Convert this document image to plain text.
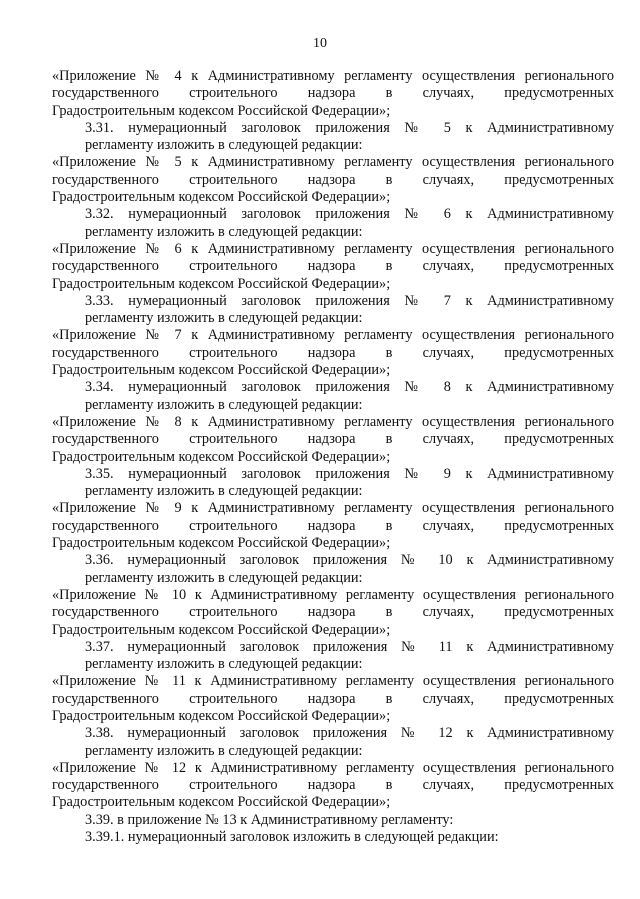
10

«Приложение № 4 к Административному регламенту осуществления регионального
государственного строительного надзора в случаях, предусмотренных
Градостроительным кодексом Российской Федерации»;

3.31. нумерационный заголовок приложения № 5 к Административному
регламенту изложить в следующей редакции:

«Приложение № 5 к Административному регламенту осуществления регионального
государственного строительного надзора в случаях, предусмотренных
Градостроительным кодексом Российской Федерации»;

3.32. нумерационный заголовок приложения № 6 к Административному
регламенту изложить в следующей редакции:

«Приложение № 6 к Административному регламенту осуществления регионального
государственного строительного надзора в случаях, предусмотренных
Градостроительным кодексом Российской Федерации»;

3.33. нумерационный заголовок приложения № 7 к Административному
регламенту изложить в следующей редакции:

«Приложение № 7 к Административному регламенту осуществления регионального
государственного строительного надзора в случаях, предусмотренных
Градостроительным кодексом Российской Федерации»;

3.34. нумерационный заголовок приложения № 8 к Административному
регламенту изложить в следующей редакции:

«Приложение № 8 к Административному регламенту осуществления регионального
государственного строительного надзора в случаях, предусмотренных
Градостроительным кодексом Российской Федерации»;

3.35. нумерационный заголовок приложения № 9 к Административному
регламенту изложить в следующей редакции:

«Приложение № 9 к Административному регламенту осуществления регионального
государственного строительного надзора в случаях, предусмотренных
Градостроительным кодексом Российской Федерации»;

3.36. нумерационный заголовок приложения № 10 к Административному
регламенту изложить в следующей редакции:

«Приложение № 10 к Административному регламенту осуществления регионального
государственного строительного надзора в случаях, предусмотренных
Градостроительным кодексом Российской Федерации»;

3.37. нумерационный заголовок приложения № 11 к Административному
регламенту изложить в следующей редакции:

«Приложение № 11 к Административному регламенту осуществления регионального
государственного строительного надзора в случаях, предусмотренных
Градостроительным кодексом Российской Федерации»;

3.38. нумерационный заголовок приложения № 12 к Административному
регламенту изложить в следующей редакции:

«Приложение № 12 к Административному регламенту осуществления регионального
государственного строительного надзора в случаях, предусмотренных
Градостроительным кодексом Российской Федерации»;

3.39. в приложение № 13 к Административному регламенту:

3.39.1. нумерационный заголовок изложить в следующей редакции:
